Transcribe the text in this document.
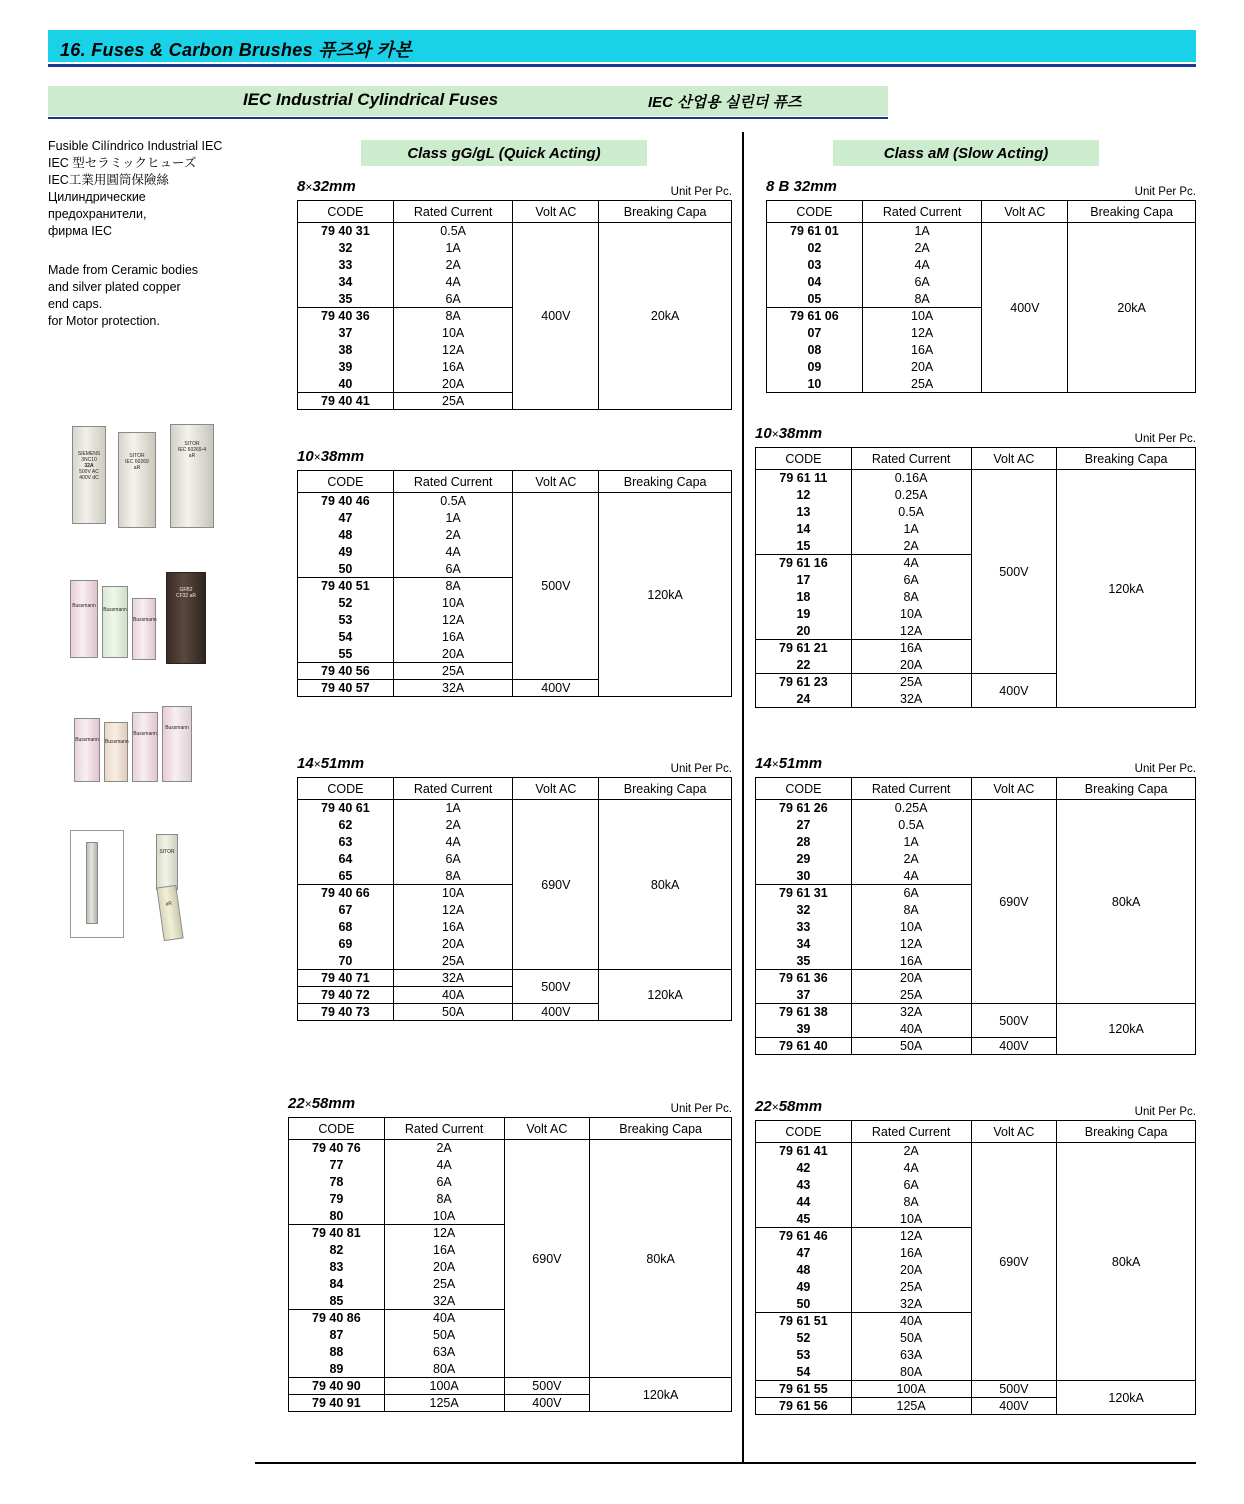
16. Fuses & Carbon Brushes 퓨즈와 카본
IEC Industrial Cylindrical Fuses	IEC 산업용 실린더 퓨즈
Fusible Cilíndrico Industrial IEC
IEC 型セラミックヒューズ
IEC工業用圓筒保險絲
Цилиндрические
предохранители,
фирма IEC
Made from Ceramic bodies
and silver plated copper
end caps.
for Motor protection.
SIEMENS
3NC10
32A
500V AC
400V dC
SITOR
IEC 60269
aR
SITOR
IEC 60269-4
aR
Bussmann
Bussmann
Bussmann
GFB2
CF32 aR
Bussmann Bussmann
Bussmann
Bussmann
SITOR
aR
Class gG/gL (Quick Acting)	Class aM (Slow Acting)
8×32mm	Unit Per Pc.
CODE	Rated Current	Volt AC	Breaking Capa
79 40 31	0.5A	400V	20kA
32	1A		
33	2A		
34	4A		
35	6A		
79 40 36	8A		
37	10A		
38	12A		
39	16A		
40	20A		
79 40 41	25A		
10×38mm
CODE	Rated Current	Volt AC	Breaking Capa
79 40 46	0.5A	500V	120kA
47	1A		
48	2A		
49	4A		
50	6A		
79 40 51	8A		
52	10A		
53	12A		
54	16A		
55	20A		
79 40 56	25A		
79 40 57	32A	400V	
14×51mm	Unit Per Pc.
CODE	Rated Current	Volt AC	Breaking Capa
79 40 61	1A	690V	80kA
62	2A		
63	4A		
64	6A		
65	8A		
79 40 66	10A		
67	12A		
68	16A		
69	20A		
70	25A		
79 40 71	32A	500V	120kA
79 40 72	40A		
79 40 73	50A	400V	
22×58mm	Unit Per Pc.
CODE	Rated Current	Volt AC	Breaking Capa
79 40 76	2A	690V	80kA
77	4A		
78	6A		
79	8A		
80	10A		
79 40 81	12A		
82	16A		
83	20A		
84	25A		
85	32A		
79 40 86	40A		
87	50A		
88	63A		
89	80A		
79 40 90	100A	500V	120kA
79 40 91	125A	400V	
8 B 32mm	Unit Per Pc.
CODE	Rated Current	Volt AC	Breaking Capa
79 61 01	1A	400V	20kA
02	2A		
03	4A		
04	6A		
05	8A		
79 61 06	10A		
07	12A		
08	16A		
09	20A		
10	25A		
10×38mm	Unit Per Pc.
CODE	Rated Current	Volt AC	Breaking Capa
79 61 11	0.16A	500V	120kA
12	0.25A		
13	0.5A		
14	1A		
15	2A		
79 61 16	4A		
17	6A		
18	8A		
19	10A		
20	12A		
79 61 21	16A		
22	20A		
79 61 23	25A	400V	
24	32A		
14×51mm	Unit Per Pc.
CODE	Rated Current	Volt AC	Breaking Capa
79 61 26	0.25A	690V	80kA
27	0.5A		
28	1A		
29	2A		
30	4A		
79 61 31	6A		
32	8A		
33	10A		
34	12A		
35	16A		
79 61 36	20A		
37	25A		
79 61 38	32A	500V	120kA
39	40A		
79 61 40	50A	400V	
22×58mm	Unit Per Pc.
CODE	Rated Current	Volt AC	Breaking Capa
79 61 41	2A	690V	80kA
42	4A		
43	6A		
44	8A		
45	10A		
79 61 46	12A		
47	16A		
48	20A		
49	25A		
50	32A		
79 61 51	40A		
52	50A		
53	63A		
54	80A		
79 61 55	100A	500V	120kA
79 61 56	125A	400V	
